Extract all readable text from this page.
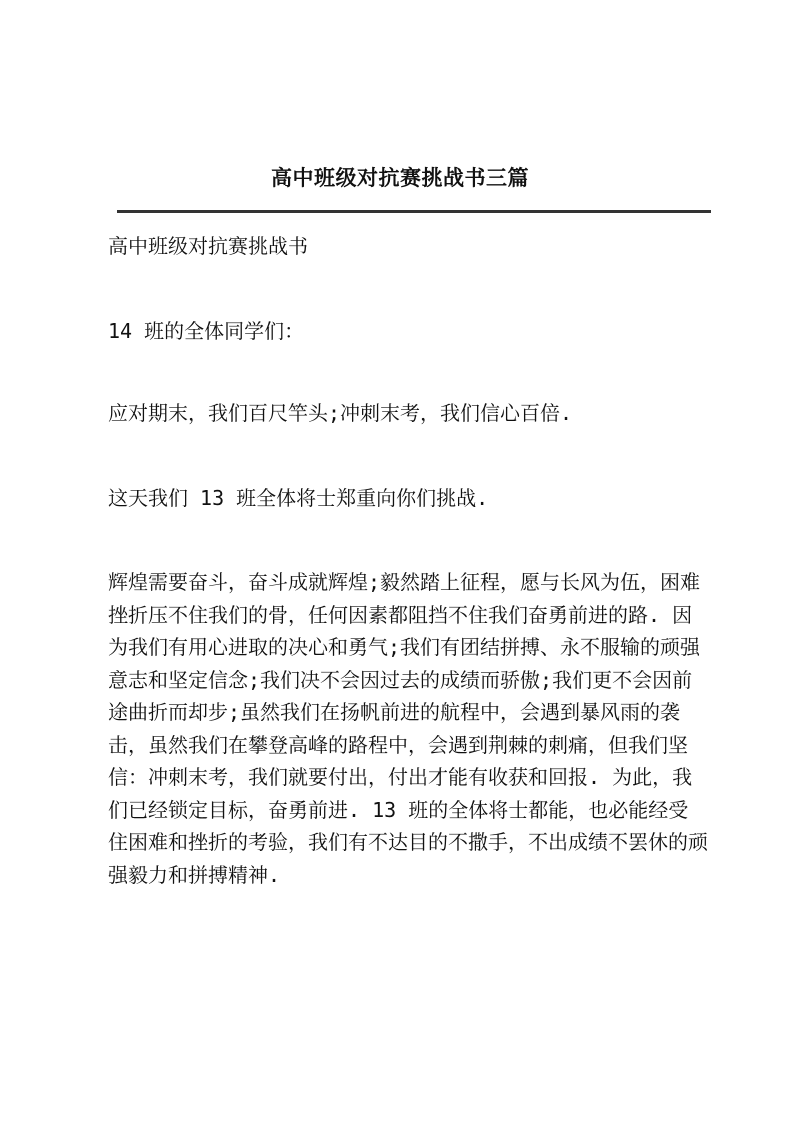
高中班级对抗赛挑战书三篇

高中班级对抗赛挑战书

14 班的全体同学们：

应对期末，我们百尺竿头;冲刺末考，我们信心百倍.

这天我们 13 班全体将士郑重向你们挑战.

辉煌需要奋斗，奋斗成就辉煌;毅然踏上征程，愿与长风为伍，困难挫折压不住我们的骨，任何因素都阻挡不住我们奋勇前进的路. 因为我们有用心进取的决心和勇气;我们有团结拼搏、永不服输的顽强意志和坚定信念;我们决不会因过去的成绩而骄傲;我们更不会因前途曲折而却步;虽然我们在扬帆前进的航程中，会遇到暴风雨的袭击，虽然我们在攀登高峰的路程中，会遇到荆棘的刺痛，但我们坚信：冲刺末考，我们就要付出，付出才能有收获和回报. 为此，我们已经锁定目标，奋勇前进. 13 班的全体将士都能，也必能经受住困难和挫折的考验，我们有不达目的不撒手，不出成绩不罢休的顽强毅力和拼搏精神.
